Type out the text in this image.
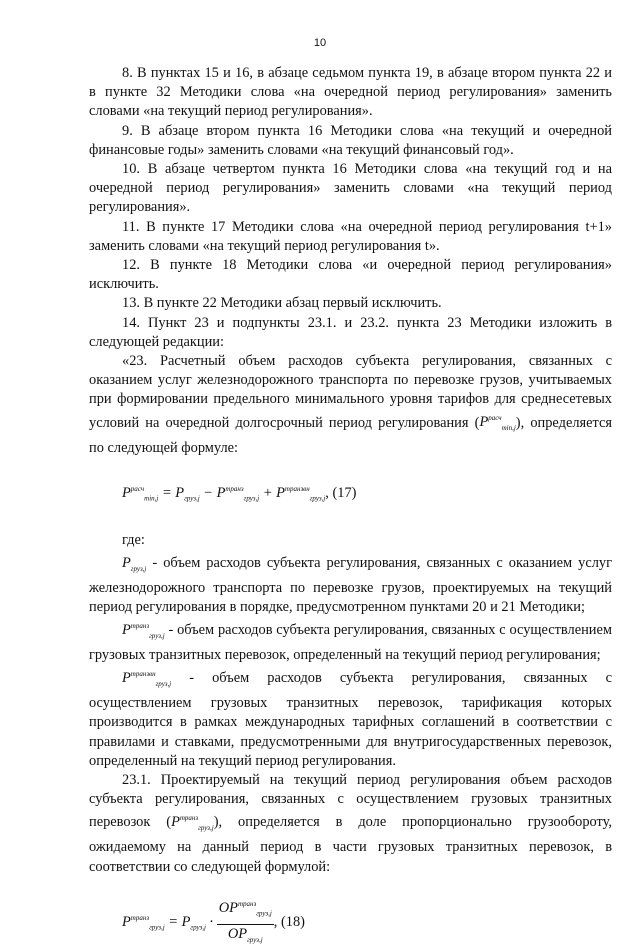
10

8. В пунктах 15 и 16, в абзаце седьмом пункта 19, в абзаце втором пункта 22 и в пункте 32 Методики слова «на очередной период регулирования» заменить словами «на текущий период регулирования».

9. В абзаце втором пункта 16 Методики слова «на текущий и очередной финансовые годы» заменить словами «на текущий финансовый год».

10. В абзаце четвертом пункта 16 Методики слова «на текущий год и на очередной период регулирования» заменить словами «на текущий период регулирования».

11. В пункте 17 Методики слова «на очередной период регулирования t+1» заменить словами «на текущий период регулирования t».

12. В пункте 18 Методики слова «и очередной период регулирования» исключить.

13. В пункте 22 Методики абзац первый исключить.

14. Пункт 23 и подпункты 23.1. и 23.2. пункта 23 Методики изложить в следующей редакции:

«23. Расчетный объем расходов субъекта регулирования, связанных с оказанием услуг железнодорожного транспорта по перевозке грузов, учитываемых при формировании предельного минимального уровня тарифов для среднесетевых условий на очередной долгосрочный период регулирования $(P^{расч}_{min,j})$, определяется по следующей формуле:

$P^{расч}_{min,j} = P_{груз,j} - P^{транз}_{груз,j} + P^{транзвн}_{груз,j}$, (17)

где:

$P_{груз,j}$ - объем расходов субъекта регулирования, связанных с оказанием услуг железнодорожного транспорта по перевозке грузов, проектируемых на текущий период регулирования в порядке, предусмотренном пунктами 20 и 21 Методики;

$P^{транз}_{груз,j}$ - объем расходов субъекта регулирования, связанных с осуществлением грузовых транзитных перевозок, определенный на текущий период регулирования;

$P^{транзвн}_{груз,j}$ - объем расходов субъекта регулирования, связанных с осуществлением грузовых транзитных перевозок, тарификация которых производится в рамках международных тарифных соглашений в соответствии с правилами и ставками, предусмотренными для внутригосударственных перевозок, определенный на текущий период регулирования.

23.1. Проектируемый на текущий период регулирования объем расходов субъекта регулирования, связанных с осуществлением грузовых транзитных перевозок $(P^{транз}_{груз,j})$, определяется в доле пропорционально грузообороту, ожидаемому на данный период в части грузовых транзитных перевозок, в соответствии со следующей формулой:

$P^{транз}_{груз,j} = P_{груз,j} \cdot \frac{OP^{транз}_{груз,j}}{OP_{груз,j}}$ , (18)
